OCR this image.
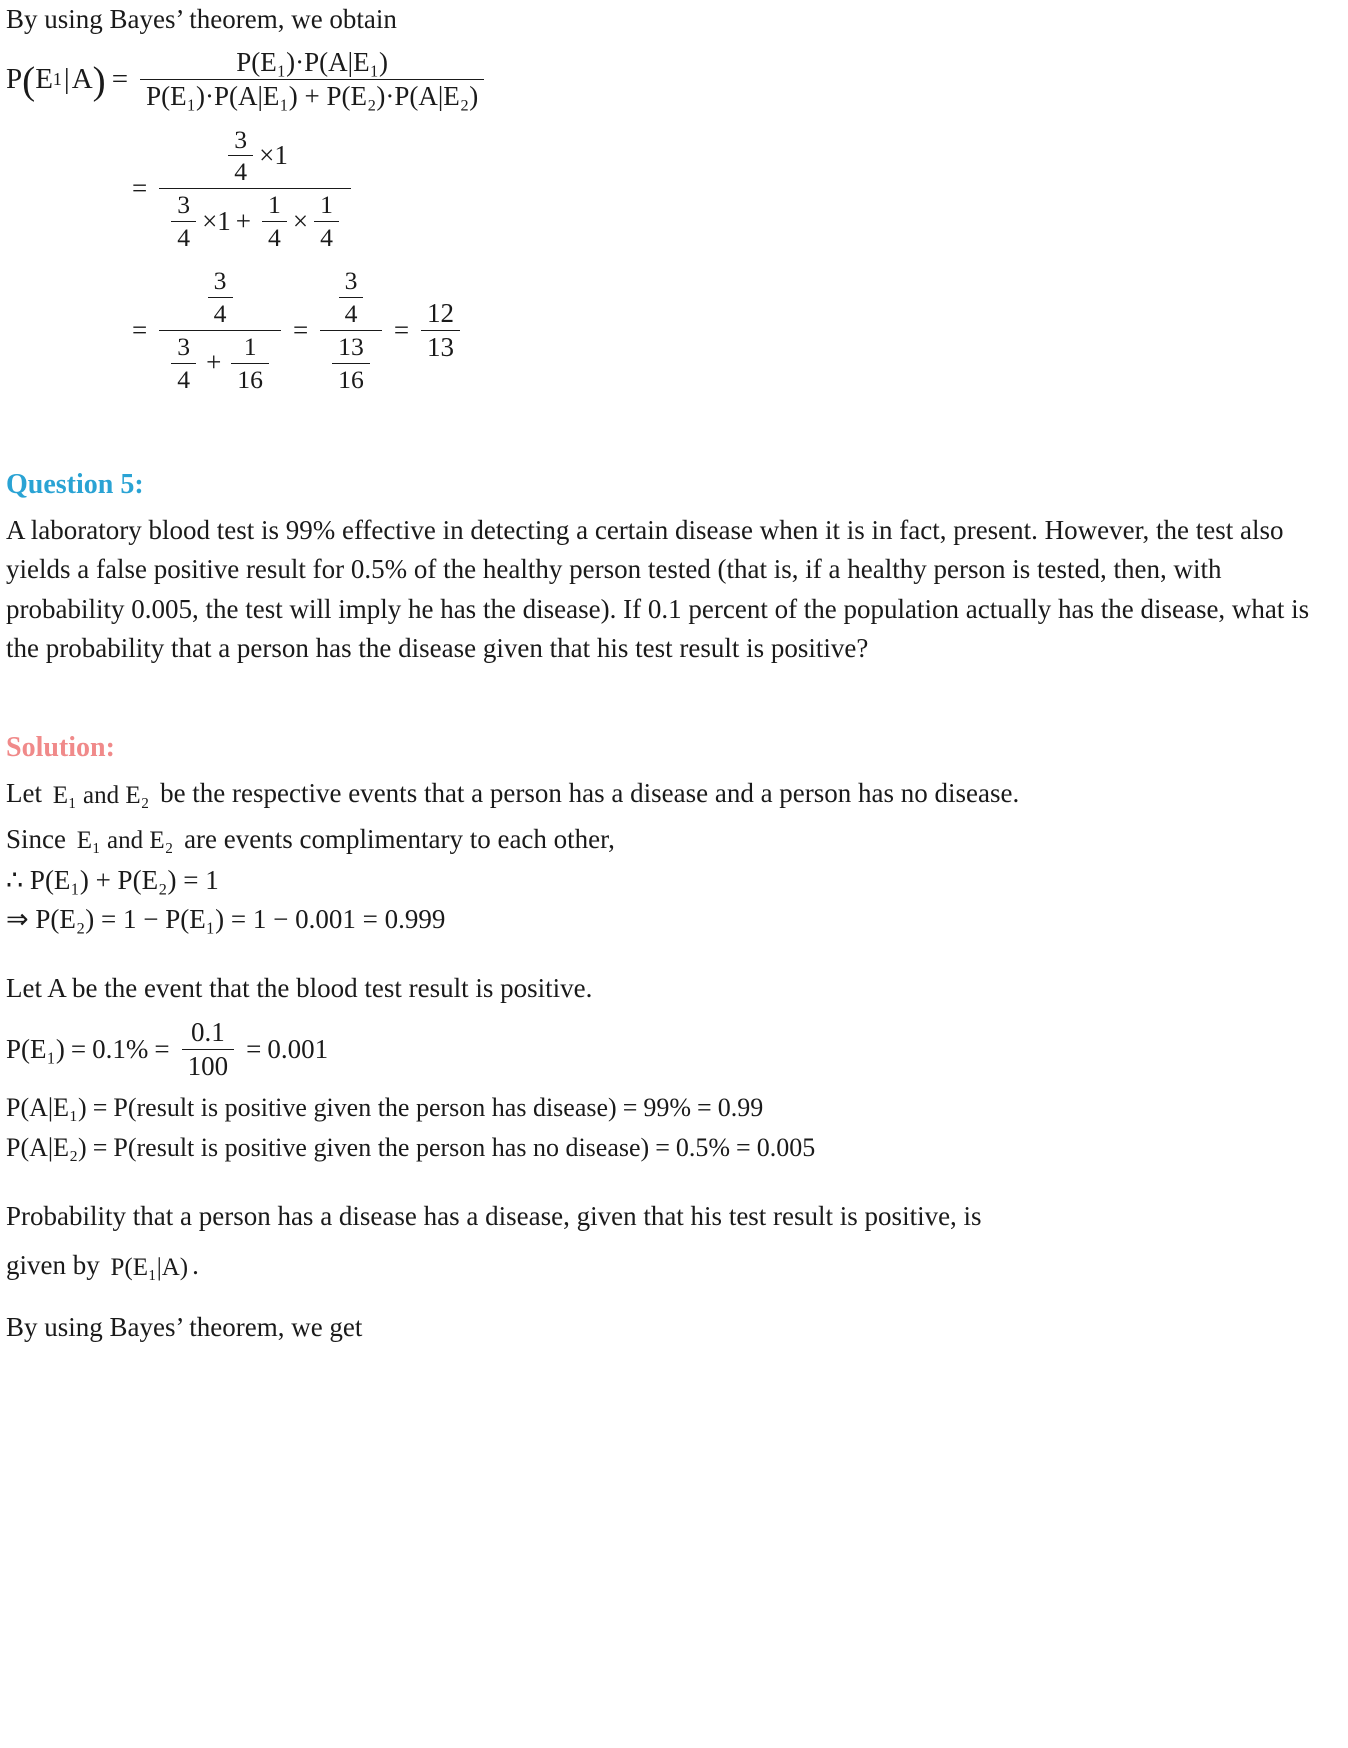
By using Bayes’ theorem, we obtain

P ( E 1 | A ) = $\frac{\text{P(E₁)·P(A|E₁)}}{\text{P(E₁)·P(A|E₁) + P(E₂)·P(A|E₂)}}$
=
$\frac{3}{4} \times 1$
$\frac{3}{4} \times 1 + \frac{1}{4} \times \frac{1}{4}$
=
$\frac{3}{4}$
$\frac{3}{4} + \frac{1}{16}$
= $\frac{\frac{3}{4}}{\frac{13}{16}} = \frac{12}{13}$
Question 5:

A laboratory blood test is 99% effective in detecting a certain disease when it is in fact, present. However, the test also yields a false positive result for 0.5% of the healthy person tested (that is, if a healthy person is tested, then, with probability 0.005, the test will imply he has the disease). If 0.1 percent of the population actually has the disease, what is the probability that a person has the disease given that his test result is positive?

Solution:

Let E₁ and E₂ be the respective events that a person has a disease and a person has no disease.

Since E₁ and E₂ are events complimentary to each other,

∴ P(E₁) + P(E₂) = 1
⇒ P(E₂) = 1 − P(E₁) = 1 − 0.001 = 0.999

Let A be the event that the blood test result is positive.

$P(E_1) = 0.1\% = \frac{0.1}{100} = 0.001$
P(A|E₁) = P(result is positive given the person has disease) = 99% = 0.99
P(A|E₂) = P(result is positive given the person has no disease) = 0.5% = 0.005

Probability that a person has a disease has a disease, given that his test result is positive, is

given by P(E₁|A) .

By using Bayes’ theorem, we get
